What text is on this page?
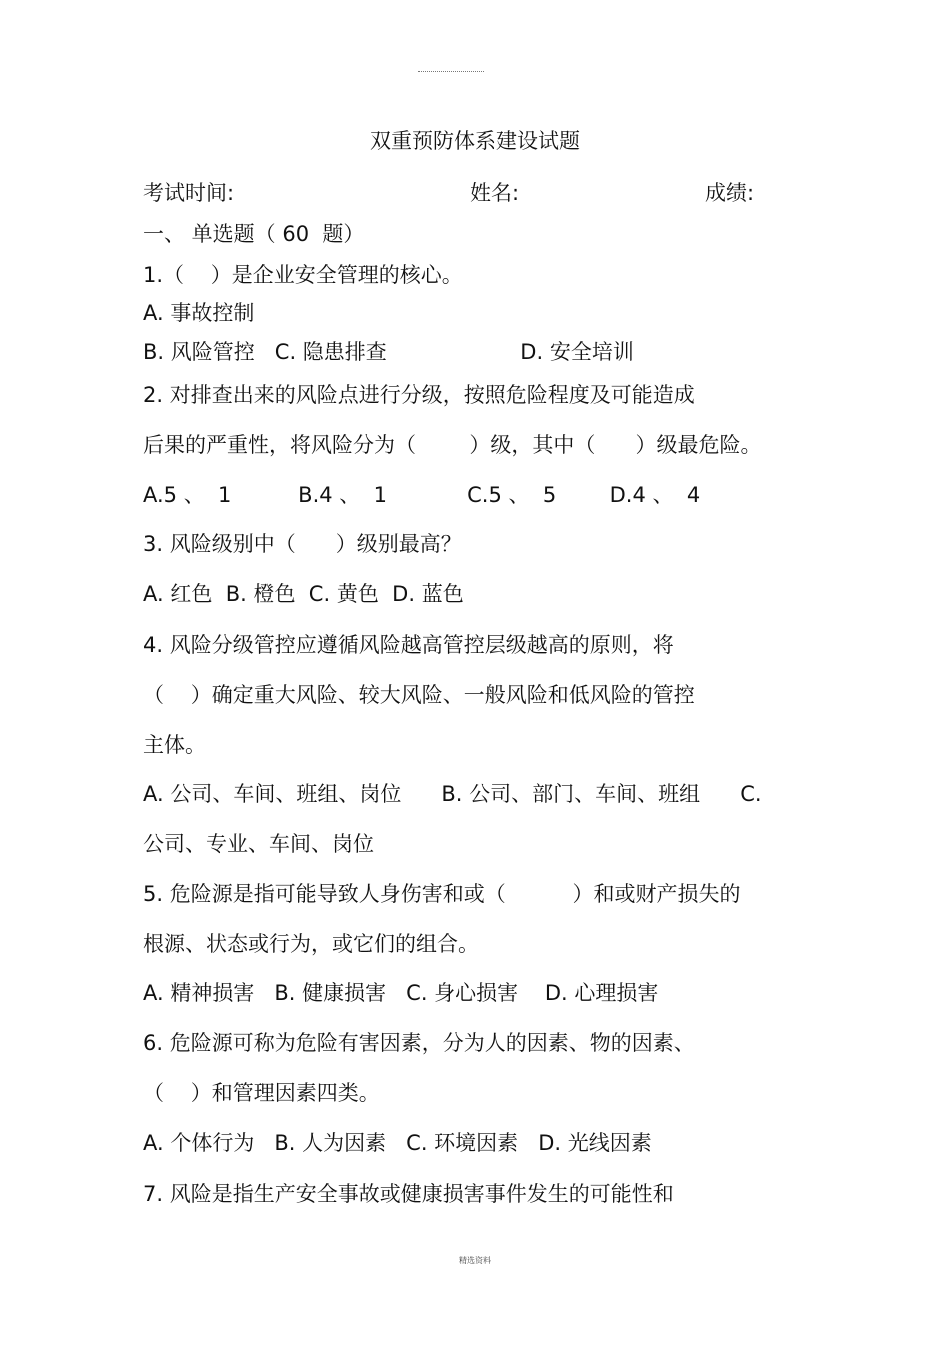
双重预防体系建设试题
考试时间:	姓名:	成绩:
一、 单选题（ 60  题）
1.（    ）是企业安全管理的核心。
A. 事故控制
B. 风险管控   C. 隐患排查                    D. 安全培训
2. 对排查出来的风险点进行分级，按照危险程度及可能造成
后果的严重性，将风险分为（        ）级，其中（      ）级最危险。
A.5 、  1          B.4 、  1            C.5 、  5        D.4 、  4
3. 风险级别中（      ）级别最高？
A. 红色  B. 橙色  C. 黄色  D. 蓝色
4. 风险分级管控应遵循风险越高管控层级越高的原则，将
（    ）确定重大风险、较大风险、一般风险和低风险的管控
主体。
A. 公司、车间、班组、岗位      B. 公司、部门、车间、班组      C.
公司、专业、车间、岗位
5. 危险源是指可能导致人身伤害和或（          ）和或财产损失的
根源、状态或行为，或它们的组合。
A. 精神损害   B. 健康损害   C. 身心损害    D. 心理损害
6. 危险源可称为危险有害因素，分为人的因素、物的因素、
（    ）和管理因素四类。
A. 个体行为   B. 人为因素   C. 环境因素   D. 光线因素
7. 风险是指生产安全事故或健康损害事件发生的可能性和
精选资料
